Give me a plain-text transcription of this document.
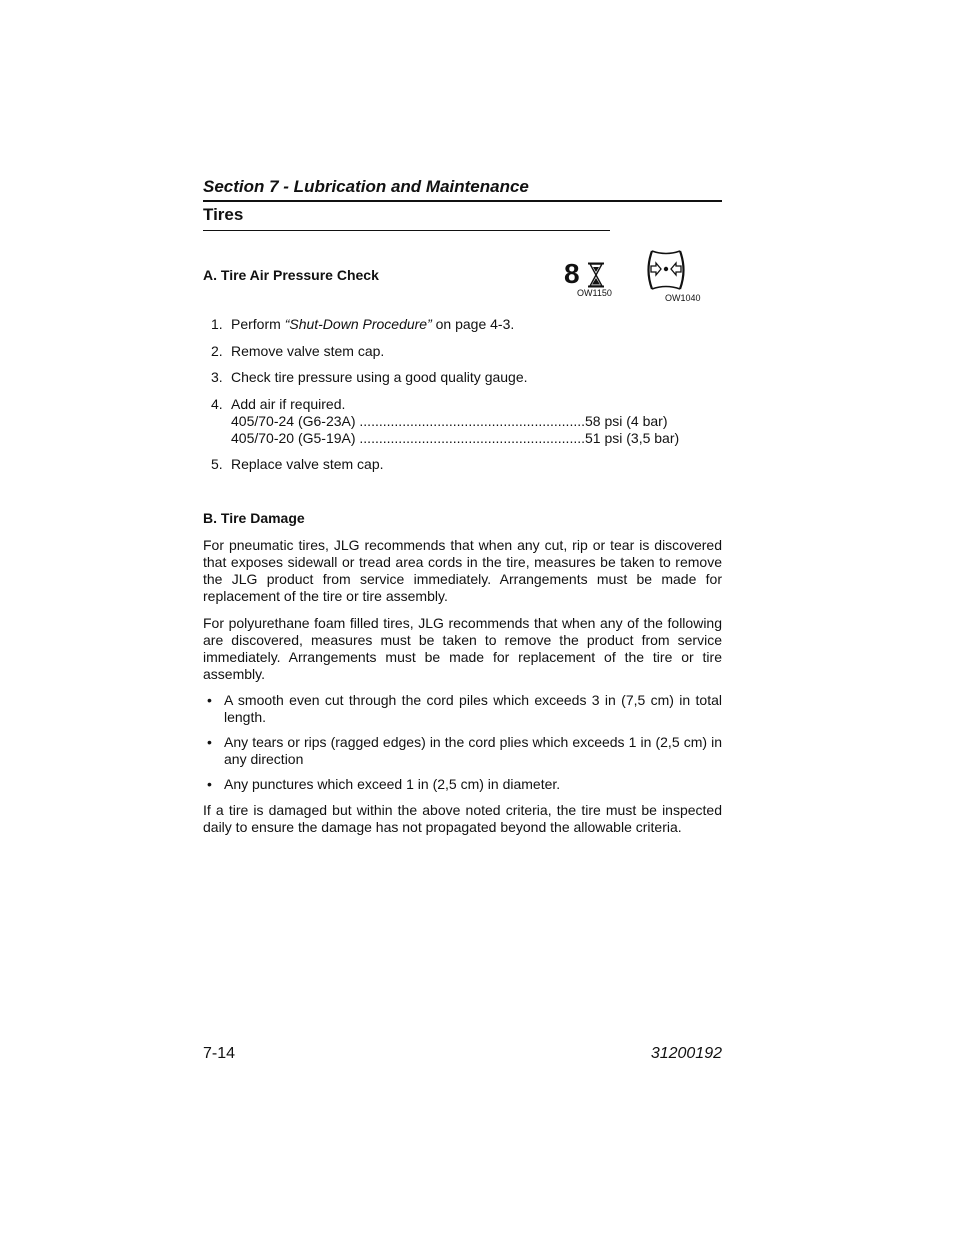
Section 7 - Lubrication and Maintenance
Tires
A. Tire Air Pressure Check	8
OW1150	OW1040
1. Perform “Shut-Down Procedure” on page 4-3.
2. Remove valve stem cap.
3. Check tire pressure using a good quality gauge.
4. Add air if required.
405/70-24 (G6-23A) ..........................................................58 psi (4 bar)
405/70-20 (G5-19A) ..........................................................51 psi (3,5 bar)
5. Replace valve stem cap.
B. Tire Damage

For pneumatic tires, JLG recommends that when any cut, rip or tear is discovered that exposes sidewall or tread area cords in the tire, measures be taken to remove the JLG product from service immediately. Arrangements must be made for replacement of the tire or tire assembly.

For polyurethane foam filled tires, JLG recommends that when any of the following are discovered, measures must be taken to remove the product from service immediately. Arrangements must be made for replacement of the tire or tire assembly.

• A smooth even cut through the cord piles which exceeds 3 in (7,5 cm) in total length.
• Any tears or rips (ragged edges) in the cord plies which exceeds 1 in (2,5 cm) in any direction
• Any punctures which exceed 1 in (2,5 cm) in diameter.

If a tire is damaged but within the above noted criteria, the tire must be inspected daily to ensure the damage has not propagated beyond the allowable criteria.

7-14	31200192
